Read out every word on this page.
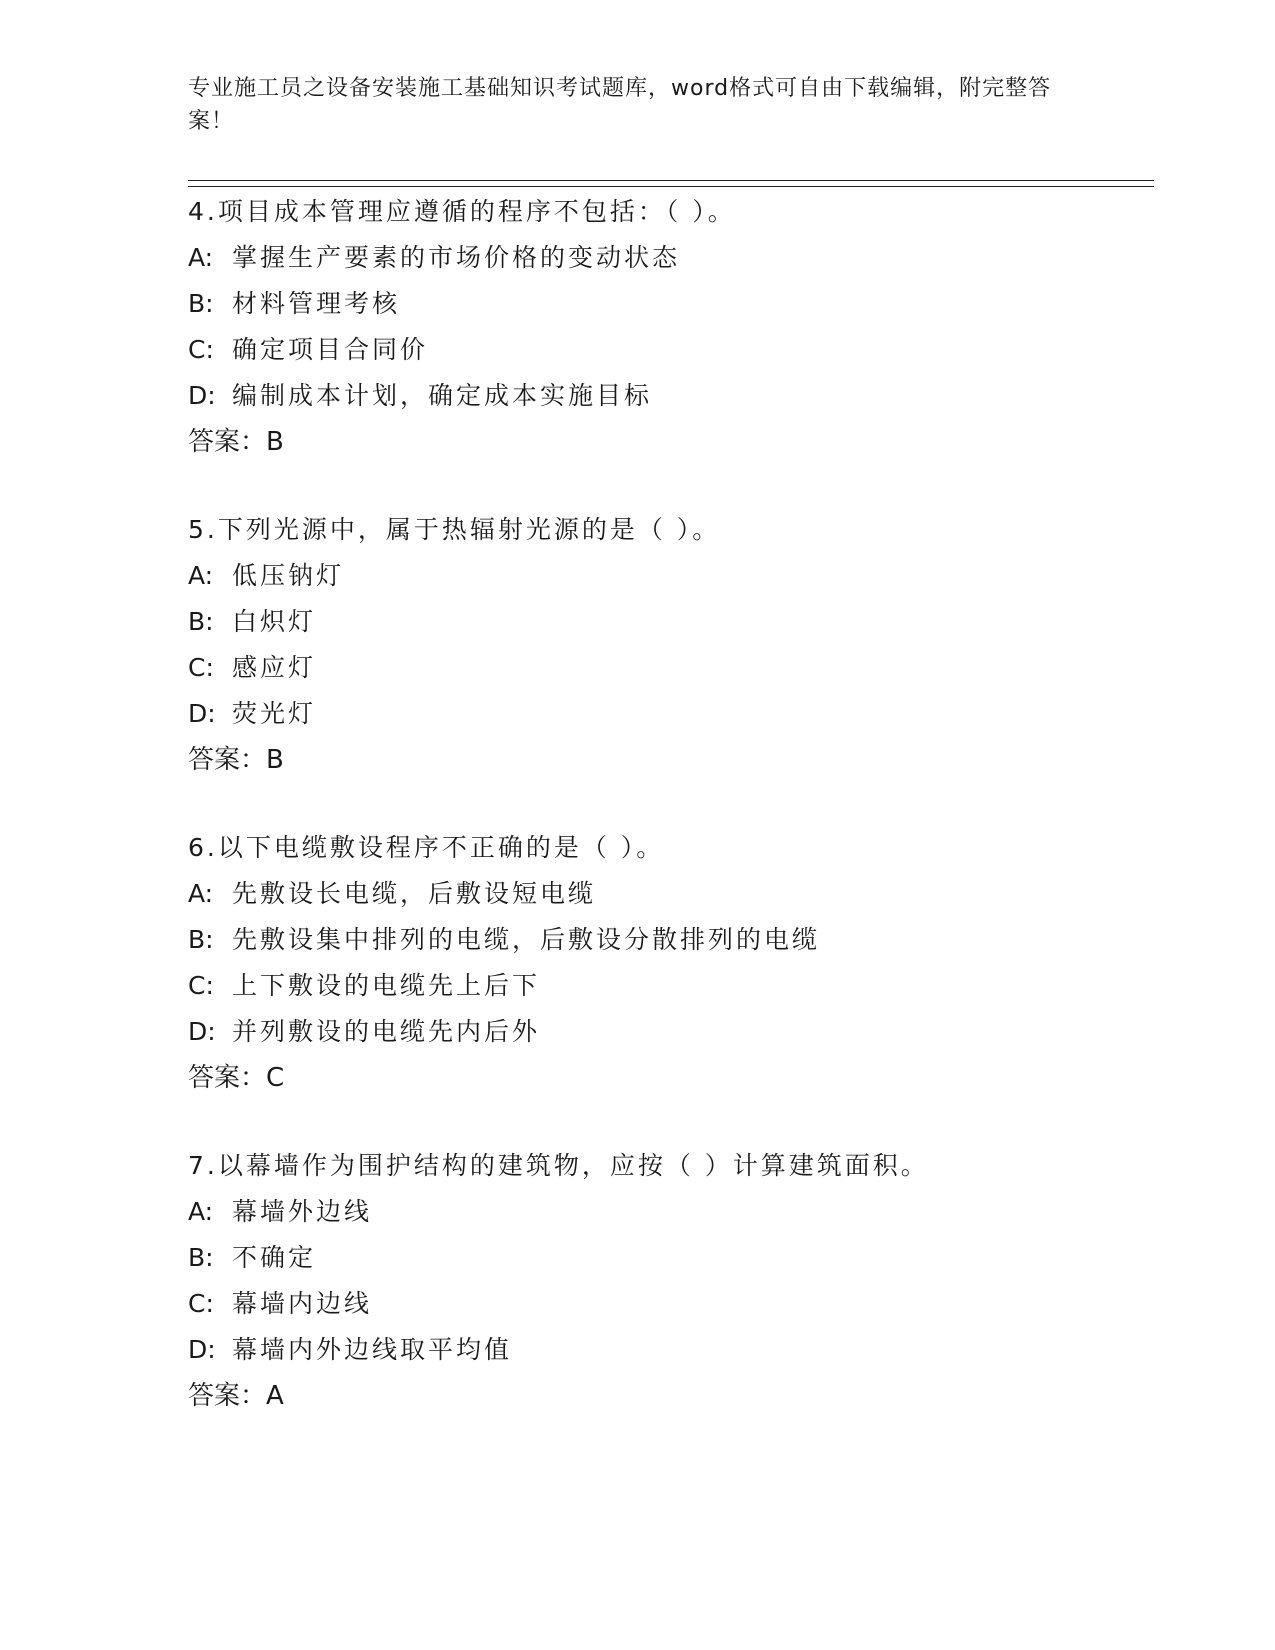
专业施工员之设备安装施工基础知识考试题库，word格式可自由下载编辑，附完整答案！
4.项目成本管理应遵循的程序不包括：（ ）。
A: 掌握生产要素的市场价格的变动状态
B: 材料管理考核
C: 确定项目合同价
D: 编制成本计划，确定成本实施目标
答案：B
5.下列光源中，属于热辐射光源的是（ ）。
A: 低压钠灯
B: 白炽灯
C: 感应灯
D: 荧光灯
答案：B
6.以下电缆敷设程序不正确的是（ ）。
A: 先敷设长电缆，后敷设短电缆
B: 先敷设集中排列的电缆，后敷设分散排列的电缆
C: 上下敷设的电缆先上后下
D: 并列敷设的电缆先内后外
答案：C
7.以幕墙作为围护结构的建筑物，应按（ ）计算建筑面积。
A: 幕墙外边线
B: 不确定
C: 幕墙内边线
D: 幕墙内外边线取平均值
答案：A
